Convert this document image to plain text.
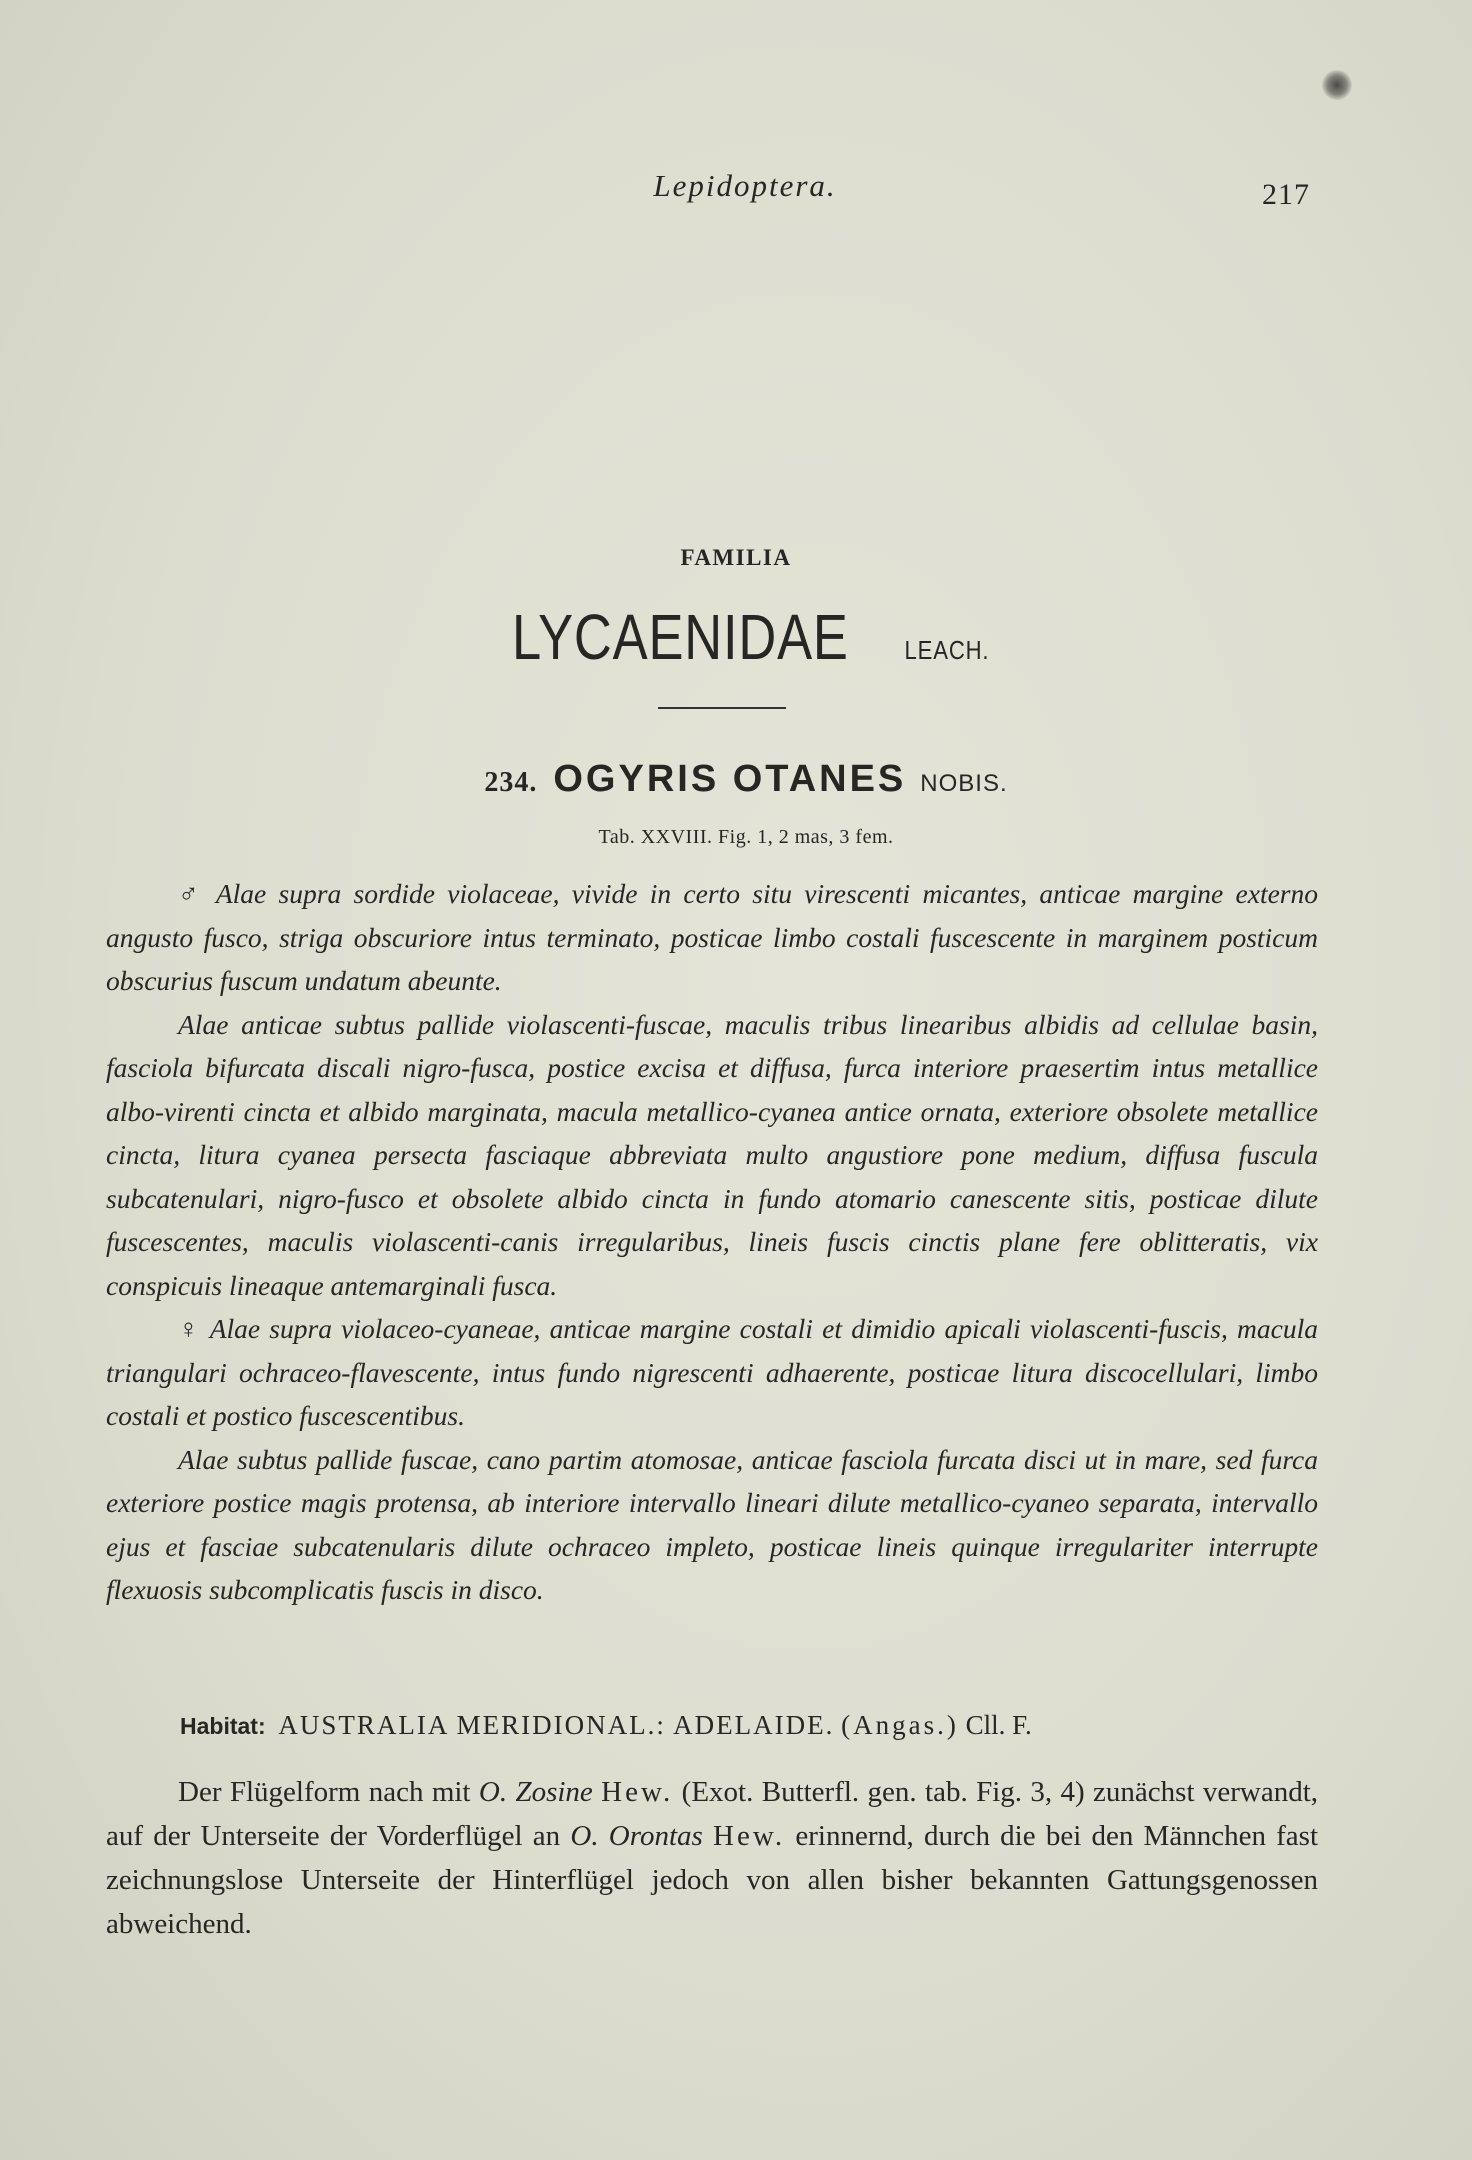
Lepidoptera.	217
FAMILIA
LYCAENIDAE LEACH.
234. OGYRIS OTANES NOBIS.
Tab. XXVIII. Fig. 1, 2 mas, 3 fem.

♂ Alae supra sordide violaceae, vivide in certo situ virescenti micantes, anticae margine externo angusto fusco, striga obscuriore intus terminato, posticae limbo costali fuscescente in marginem posticum obscurius fuscum undatum abeunte.

Alae anticae subtus pallide violascenti-fuscae, maculis tribus linearibus albidis ad cellulae basin, fasciola bifurcata discali nigro-fusca, postice excisa et diffusa, furca interiore praesertim intus metallice albo-virenti cincta et albido marginata, macula metallico-cyanea antice ornata, exteriore obsolete metallice cincta, litura cyanea persecta fasciaque abbreviata multo angustiore pone medium, diffusa fuscula subcatenulari, nigro-fusco et obsolete albido cincta in fundo atomario canescente sitis, posticae dilute fuscescentes, maculis violascenti-canis irregularibus, lineis fuscis cinctis plane fere oblitteratis, vix conspicuis lineaque antemarginali fusca.

♀ Alae supra violaceo-cyaneae, anticae margine costali et dimidio apicali violascenti-fuscis, macula triangulari ochraceo-flavescente, intus fundo nigrescenti adhaerente, posticae litura discocellulari, limbo costali et postico fuscescentibus.

Alae subtus pallide fuscae, cano partim atomosae, anticae fasciola furcata disci ut in mare, sed furca exteriore postice magis protensa, ab interiore intervallo lineari dilute metallico-cyaneo separata, intervallo ejus et fasciae subcatenularis dilute ochraceo impleto, posticae lineis quinque irregulariter interrupte flexuosis subcomplicatis fuscis in disco.

Habitat: AUSTRALIA MERIDIONAL.: ADELAIDE. (Angas.) Cll. F.

Der Flügelform nach mit O. Zosine Hew. (Exot. Butterfl. gen. tab. Fig. 3, 4) zunächst verwandt, auf der Unterseite der Vorderflügel an O. Orontas Hew. erinnernd, durch die bei den Männchen fast zeichnungslose Unterseite der Hinterflügel jedoch von allen bisher bekannten Gattungsgenossen abweichend.
